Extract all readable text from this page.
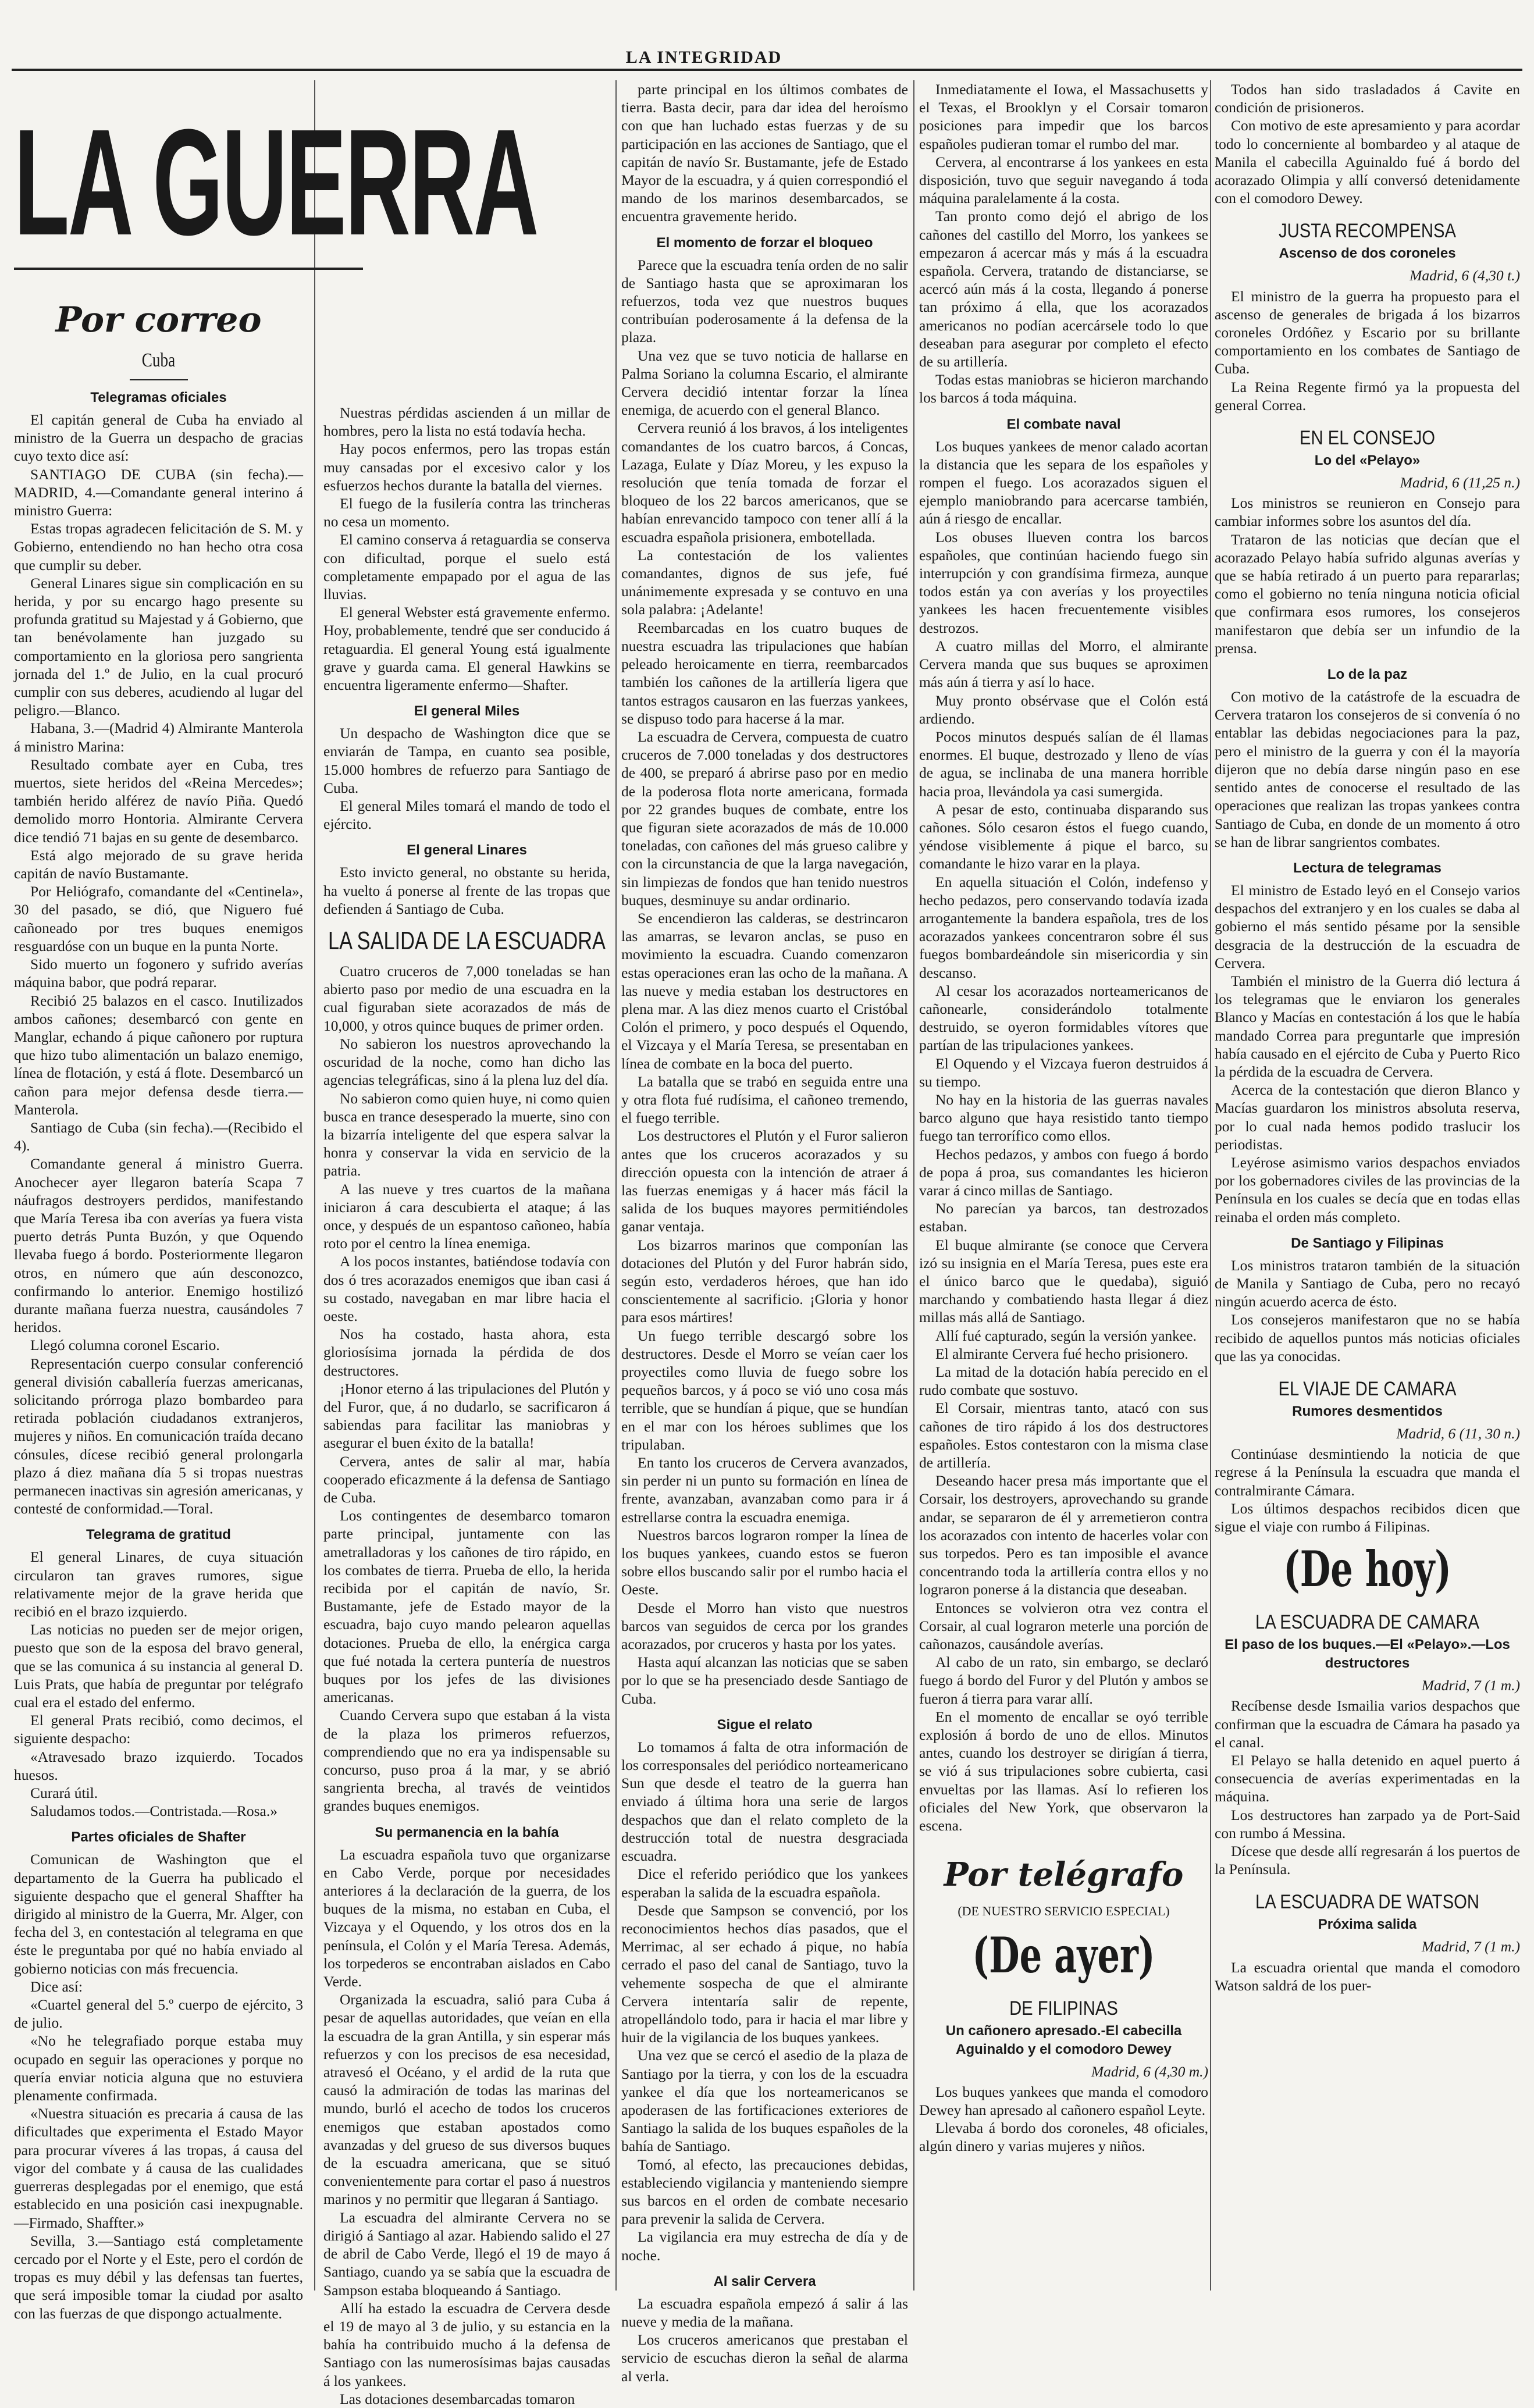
LA INTEGRIDAD
LA GUERRA
Por correo
Cuba
Telegramas oficiales

El capitán general de Cuba ha enviado al ministro de la Guerra un despacho de gracias cuyo texto dice así:

SANTIAGO DE CUBA (sin fecha).—MADRID, 4.—Comandante general interino á ministro Guerra:

Estas tropas agradecen felicitación de S. M. y Gobierno, entendiendo no han hecho otra cosa que cumplir su deber.

General Linares sigue sin complicación en su herida, y por su encargo hago presente su profunda gratitud su Majestad y á Gobierno, que tan benévolamente han juzgado su comportamiento en la gloriosa pero sangrienta jornada del 1.º de Julio, en la cual procuró cumplir con sus deberes, acudiendo al lugar del peligro.—Blanco.

Habana, 3.—(Madrid 4) Almirante Manterola á ministro Marina:

Resultado combate ayer en Cuba, tres muertos, siete heridos del «Reina Mercedes»; también herido alférez de navío Piña. Quedó demolido morro Hontoria. Almirante Cervera dice tendió 71 bajas en su gente de desembarco.

Está algo mejorado de su grave herida capitán de navío Bustamante.

Por Heliógrafo, comandante del «Centinela», 30 del pasado, se dió, que Niguero fué cañoneado por tres buques enemigos resguardóse con un buque en la punta Norte.

Sido muerto un fogonero y sufrido averías máquina babor, que podrá reparar.

Recibió 25 balazos en el casco. Inutilizados ambos cañones; desembarcó con gente en Manglar, echando á pique cañonero por ruptura que hizo tubo alimentación un balazo enemigo, línea de flotación, y está á flote. Desembarcó un cañon para mejor defensa desde tierra.—Manterola.

Santiago de Cuba (sin fecha).—(Recibido el 4).

Comandante general á ministro Guerra. Anochecer ayer llegaron batería Scapa 7 náufragos destroyers perdidos, manifestando que María Teresa iba con averías ya fuera vista puerto detrás Punta Buzón, y que Oquendo llevaba fuego á bordo. Posteriormente llegaron otros, en número que aún desconozco, confirmando lo anterior. Enemigo hostilizó durante mañana fuerza nuestra, causándoles 7 heridos.

Llegó columna coronel Escario.

Representación cuerpo consular conferenció general división caballería fuerzas americanas, solicitando prórroga plazo bombardeo para retirada población ciudadanos extranjeros, mujeres y niños. En comunicación traída decano cónsules, dícese recibió general prolongarla plazo á diez mañana día 5 si tropas nuestras permanecen inactivas sin agresión americanas, y contesté de conformidad.—Toral.

Telegrama de gratitud

El general Linares, de cuya situación circularon tan graves rumores, sigue relativamente mejor de la grave herida que recibió en el brazo izquierdo.

Las noticias no pueden ser de mejor origen, puesto que son de la esposa del bravo general, que se las comunica á su instancia al general D. Luis Prats, que había de preguntar por telégrafo cual era el estado del enfermo.

El general Prats recibió, como decimos, el siguiente despacho:

«Atravesado brazo izquierdo. Tocados huesos.

Curará útil.

Saludamos todos.—Contristada.—Rosa.»

Partes oficiales de Shafter

Comunican de Washington que el departamento de la Guerra ha publicado el siguiente despacho que el general Shaffter ha dirigido al ministro de la Guerra, Mr. Alger, con fecha del 3, en contestación al telegrama en que éste le preguntaba por qué no había enviado al gobierno noticias con más frecuencia.

Dice así:

«Cuartel general del 5.º cuerpo de ejército, 3 de julio.

«No he telegrafiado porque estaba muy ocupado en seguir las operaciones y porque no quería enviar noticia alguna que no estuviera plenamente confirmada.

«Nuestra situación es precaria á causa de las dificultades que experimenta el Estado Mayor para procurar víveres á las tropas, á causa del vigor del combate y á causa de las cualidades guerreras desplegadas por el enemigo, que está establecido en una posición casi inexpugnable.—Firmado, Shaffter.»

Sevilla, 3.—Santiago está completamente cercado por el Norte y el Este, pero el cordón de tropas es muy débil y las defensas tan fuertes, que será imposible tomar la ciudad por asalto con las fuerzas de que dispongo actualmente.

Nuestras pérdidas ascienden á un millar de hombres, pero la lista no está todavía hecha.

Hay pocos enfermos, pero las tropas están muy cansadas por el excesivo calor y los esfuerzos hechos durante la batalla del viernes.

El fuego de la fusilería contra las trincheras no cesa un momento.

El camino conserva á retaguardia se conserva con dificultad, porque el suelo está completamente empapado por el agua de las lluvias.

El general Webster está gravemente enfermo. Hoy, probablemente, tendré que ser conducido á retaguardia. El general Young está igualmente grave y guarda cama. El general Hawkins se encuentra ligeramente enfermo—Shafter.

El general Miles

Un despacho de Washington dice que se enviarán de Tampa, en cuanto sea posible, 15.000 hombres de refuerzo para Santiago de Cuba.

El general Miles tomará el mando de todo el ejército.

El general Linares

Esto invicto general, no obstante su herida, ha vuelto á ponerse al frente de las tropas que defienden á Santiago de Cuba.

LA SALIDA DE LA ESCUADRA

Cuatro cruceros de 7,000 toneladas se han abierto paso por medio de una escuadra en la cual figuraban siete acorazados de más de 10,000, y otros quince buques de primer orden.

No sabieron los nuestros aprovechando la oscuridad de la noche, como han dicho las agencias telegráficas, sino á la plena luz del día.

No sabieron como quien huye, ni como quien busca en trance desesperado la muerte, sino con la bizarría inteligente del que espera salvar la honra y conservar la vida en servicio de la patria.

A las nueve y tres cuartos de la mañana iniciaron á cara descubierta el ataque; á las once, y después de un espantoso cañoneo, había roto por el centro la línea enemiga.

A los pocos instantes, batiéndose todavía con dos ó tres acorazados enemigos que iban casi á su costado, navegaban en mar libre hacia el oeste.

Nos ha costado, hasta ahora, esta gloriosísima jornada la pérdida de dos destructores.

¡Honor eterno á las tripulaciones del Plutón y del Furor, que, á no dudarlo, se sacrificaron á sabiendas para facilitar las maniobras y asegurar el buen éxito de la batalla!

Cervera, antes de salir al mar, había cooperado eficazmente á la defensa de Santiago de Cuba.

Los contingentes de desembarco tomaron parte principal, juntamente con las ametralladoras y los cañones de tiro rápido, en los combates de tierra. Prueba de ello, la herida recibida por el capitán de navío, Sr. Bustamante, jefe de Estado mayor de la escuadra, bajo cuyo mando pelearon aquellas dotaciones. Prueba de ello, la enérgica carga que fué notada la certera puntería de nuestros buques por los jefes de las divisiones americanas.

Cuando Cervera supo que estaban á la vista de la plaza los primeros refuerzos, comprendiendo que no era ya indispensable su concurso, puso proa á la mar, y se abrió sangrienta brecha, al través de veintidos grandes buques enemigos.

Su permanencia en la bahía

La escuadra española tuvo que organizarse en Cabo Verde, porque por necesidades anteriores á la declaración de la guerra, de los buques de la misma, no estaban en Cuba, el Vizcaya y el Oquendo, y los otros dos en la península, el Colón y el María Teresa. Además, los torpederos se encontraban aislados en Cabo Verde.

Organizada la escuadra, salió para Cuba á pesar de aquellas autoridades, que veían en ella la escuadra de la gran Antilla, y sin esperar más refuerzos y con los precisos de esa necesidad, atravesó el Océano, y el ardid de la ruta que causó la admiración de todas las marinas del mundo, burló el acecho de todos los cruceros enemigos que estaban apostados como avanzadas y del grueso de sus diversos buques de la escuadra americana, que se situó convenientemente para cortar el paso á nuestros marinos y no permitir que llegaran á Santiago.

La escuadra del almirante Cervera no se dirigió á Santiago al azar. Habiendo salido el 27 de abril de Cabo Verde, llegó el 19 de mayo á Santiago, cuando ya se sabía que la escuadra de Sampson estaba bloqueando á Santiago.

Allí ha estado la escuadra de Cervera desde el 19 de mayo al 3 de julio, y su estancia en la bahía ha contribuido mucho á la defensa de Santiago con las numerosísimas bajas causadas á los yankees.

Las dotaciones desembarcadas tomaron

parte principal en los últimos combates de tierra. Basta decir, para dar idea del heroísmo con que han luchado estas fuerzas y de su participación en las acciones de Santiago, que el capitán de navío Sr. Bustamante, jefe de Estado Mayor de la escuadra, y á quien correspondió el mando de los marinos desembarcados, se encuentra gravemente herido.

El momento de forzar el bloqueo

Parece que la escuadra tenía orden de no salir de Santiago hasta que se aproximaran los refuerzos, toda vez que nuestros buques contribuían poderosamente á la defensa de la plaza.

Una vez que se tuvo noticia de hallarse en Palma Soriano la columna Escario, el almirante Cervera decidió intentar forzar la línea enemiga, de acuerdo con el general Blanco.

Cervera reunió á los bravos, á los inteligentes comandantes de los cuatro barcos, á Concas, Lazaga, Eulate y Díaz Moreu, y les expuso la resolución que tenía tomada de forzar el bloqueo de los 22 barcos americanos, que se habían enrevancido tampoco con tener allí á la escuadra española prisionera, embotellada.

La contestación de los valientes comandantes, dignos de sus jefe, fué unánimemente expresada y se contuvo en una sola palabra: ¡Adelante!

Reembarcadas en los cuatro buques de nuestra escuadra las tripulaciones que habían peleado heroicamente en tierra, reembarcados también los cañones de la artillería ligera que tantos estragos causaron en las fuerzas yankees, se dispuso todo para hacerse á la mar.

La escuadra de Cervera, compuesta de cuatro cruceros de 7.000 toneladas y dos destructores de 400, se preparó á abrirse paso por en medio de la poderosa flota norte americana, formada por 22 grandes buques de combate, entre los que figuran siete acorazados de más de 10.000 toneladas, con cañones del más grueso calibre y con la circunstancia de que la larga navegación, sin limpiezas de fondos que han tenido nuestros buques, desminuye su andar ordinario.

Se encendieron las calderas, se destrincaron las amarras, se levaron anclas, se puso en movimiento la escuadra. Cuando comenzaron estas operaciones eran las ocho de la mañana. A las nueve y media estaban los destructores en plena mar. A las diez menos cuarto el Cristóbal Colón el primero, y poco después el Oquendo, el Vizcaya y el María Teresa, se presentaban en línea de combate en la boca del puerto.

La batalla que se trabó en seguida entre una y otra flota fué rudísima, el cañoneo tremendo, el fuego terrible.

Los destructores el Plutón y el Furor salieron antes que los cruceros acorazados y su dirección opuesta con la intención de atraer á las fuerzas enemigas y á hacer más fácil la salida de los buques mayores permitiéndoles ganar ventaja.

Los bizarros marinos que componían las dotaciones del Plutón y del Furor habrán sido, según esto, verdaderos héroes, que han ido conscientemente al sacrificio. ¡Gloria y honor para esos mártires!

Un fuego terrible descargó sobre los destructores. Desde el Morro se veían caer los proyectiles como lluvia de fuego sobre los pequeños barcos, y á poco se vió uno cosa más terrible, que se hundían á pique, que se hundían en el mar con los héroes sublimes que los tripulaban.

En tanto los cruceros de Cervera avanzados, sin perder ni un punto su formación en línea de frente, avanzaban, avanzaban como para ir á estrellarse contra la escuadra enemiga.

Nuestros barcos lograron romper la línea de los buques yankees, cuando estos se fueron sobre ellos buscando salir por el rumbo hacia el Oeste.

Desde el Morro han visto que nuestros barcos van seguidos de cerca por los grandes acorazados, por cruceros y hasta por los yates.

Hasta aquí alcanzan las noticias que se saben por lo que se ha presenciado desde Santiago de Cuba.

Sigue el relato

Lo tomamos á falta de otra información de los corresponsales del periódico norteamericano Sun que desde el teatro de la guerra han enviado á última hora una serie de largos despachos que dan el relato completo de la destrucción total de nuestra desgraciada escuadra.

Dice el referido periódico que los yankees esperaban la salida de la escuadra española.

Desde que Sampson se convenció, por los reconocimientos hechos días pasados, que el Merrimac, al ser echado á pique, no había cerrado el paso del canal de Santiago, tuvo la vehemente sospecha de que el almirante Cervera intentaría salir de repente, atropellándolo todo, para ir hacia el mar libre y huir de la vigilancia de los buques yankees.

Una vez que se cercó el asedio de la plaza de Santiago por la tierra, y con los de la escuadra yankee el día que los norteamericanos se apoderasen de las fortificaciones exteriores de Santiago la salida de los buques españoles de la bahía de Santiago.

Tomó, al efecto, las precauciones debidas, estableciendo vigilancia y manteniendo siempre sus barcos en el orden de combate necesario para prevenir la salida de Cervera.

La vigilancia era muy estrecha de día y de noche.

Al salir Cervera

La escuadra española empezó á salir á las nueve y media de la mañana.

Los cruceros americanos que prestaban el servicio de escuchas dieron la señal de alarma al verla.

Inmediatamente el Iowa, el Massachusetts y el Texas, el Brooklyn y el Corsair tomaron posiciones para impedir que los barcos españoles pudieran tomar el rumbo del mar.

Cervera, al encontrarse á los yankees en esta disposición, tuvo que seguir navegando á toda máquina paralelamente á la costa.

Tan pronto como dejó el abrigo de los cañones del castillo del Morro, los yankees se empezaron á acercar más y más á la escuadra española. Cervera, tratando de distanciarse, se acercó aún más á la costa, llegando á ponerse tan próximo á ella, que los acorazados americanos no podían acercársele todo lo que deseaban para asegurar por completo el efecto de su artillería.

Todas estas maniobras se hicieron marchando los barcos á toda máquina.

El combate naval

Los buques yankees de menor calado acortan la distancia que les separa de los españoles y rompen el fuego. Los acorazados siguen el ejemplo maniobrando para acercarse también, aún á riesgo de encallar.

Los obuses llueven contra los barcos españoles, que continúan haciendo fuego sin interrupción y con grandísima firmeza, aunque todos están ya con averías y los proyectiles yankees les hacen frecuentemente visibles destrozos.

A cuatro millas del Morro, el almirante Cervera manda que sus buques se aproximen más aún á tierra y así lo hace.

Muy pronto obsérvase que el Colón está ardiendo.

Pocos minutos después salían de él llamas enormes. El buque, destrozado y lleno de vías de agua, se inclinaba de una manera horrible hacia proa, llevándola ya casi sumergida.

A pesar de esto, continuaba disparando sus cañones. Sólo cesaron éstos el fuego cuando, yéndose visiblemente á pique el barco, su comandante le hizo varar en la playa.

En aquella situación el Colón, indefenso y hecho pedazos, pero conservando todavía izada arrogantemente la bandera española, tres de los acorazados yankees concentraron sobre él sus fuegos bombardeándole sin misericordia y sin descanso.

Al cesar los acorazados norteamericanos de cañonearle, considerándolo totalmente destruido, se oyeron formidables vítores que partían de las tripulaciones yankees.

El Oquendo y el Vizcaya fueron destruidos á su tiempo.

No hay en la historia de las guerras navales barco alguno que haya resistido tanto tiempo fuego tan terrorífico como ellos.

Hechos pedazos, y ambos con fuego á bordo de popa á proa, sus comandantes les hicieron varar á cinco millas de Santiago.

No parecían ya barcos, tan destrozados estaban.

El buque almirante (se conoce que Cervera izó su insignia en el María Teresa, pues este era el único barco que le quedaba), siguió marchando y combatiendo hasta llegar á diez millas más allá de Santiago.

Allí fué capturado, según la versión yankee.

El almirante Cervera fué hecho prisionero.

La mitad de la dotación había perecido en el rudo combate que sostuvo.

El Corsair, mientras tanto, atacó con sus cañones de tiro rápido á los dos destructores españoles. Estos contestaron con la misma clase de artillería.

Deseando hacer presa más importante que el Corsair, los destroyers, aprovechando su grande andar, se separaron de él y arremetieron contra los acorazados con intento de hacerles volar con sus torpedos. Pero es tan imposible el avance concentrando toda la artillería contra ellos y no lograron ponerse á la distancia que deseaban.

Entonces se volvieron otra vez contra el Corsair, al cual lograron meterle una porción de cañonazos, causándole averías.

Al cabo de un rato, sin embargo, se declaró fuego á bordo del Furor y del Plutón y ambos se fueron á tierra para varar allí.

En el momento de encallar se oyó terrible explosión á bordo de uno de ellos. Minutos antes, cuando los destroyer se dirigían á tierra, se vió á sus tripulaciones sobre cubierta, casi envueltas por las llamas. Así lo refieren los oficiales del New York, que observaron la escena.

Por telégrafo
(DE NUESTRO SERVICIO ESPECIAL)
(De ayer)
DE FILIPINAS
Un cañonero apresado.-El cabecilla Aguinaldo y el comodoro Dewey
Madrid, 6 (4,30 m.)

Los buques yankees que manda el comodoro Dewey han apresado al cañonero español Leyte.

Llevaba á bordo dos coroneles, 48 oficiales, algún dinero y varias mujeres y niños.

Todos han sido trasladados á Cavite en condición de prisioneros.

Con motivo de este apresamiento y para acordar todo lo concerniente al bombardeo y al ataque de Manila el cabecilla Aguinaldo fué á bordo del acorazado Olimpia y allí conversó detenidamente con el comodoro Dewey.

JUSTA RECOMPENSA
Ascenso de dos coroneles
Madrid, 6 (4,30 t.)

El ministro de la guerra ha propuesto para el ascenso de generales de brigada á los bizarros coroneles Ordóñez y Escario por su brillante comportamiento en los combates de Santiago de Cuba.

La Reina Regente firmó ya la propuesta del general Correa.

EN EL CONSEJO
Lo del «Pelayo»
Madrid, 6 (11,25 n.)

Los ministros se reunieron en Consejo para cambiar informes sobre los asuntos del día.

Trataron de las noticias que decían que el acorazado Pelayo había sufrido algunas averías y que se había retirado á un puerto para repararlas; como el gobierno no tenía ninguna noticia oficial que confirmara esos rumores, los consejeros manifestaron que debía ser un infundio de la prensa.

Lo de la paz

Con motivo de la catástrofe de la escuadra de Cervera trataron los consejeros de si convenía ó no entablar las debidas negociaciones para la paz, pero el ministro de la guerra y con él la mayoría dijeron que no debía darse ningún paso en ese sentido antes de conocerse el resultado de las operaciones que realizan las tropas yankees contra Santiago de Cuba, en donde de un momento á otro se han de librar sangrientos combates.

Lectura de telegramas

El ministro de Estado leyó en el Consejo varios despachos del extranjero y en los cuales se daba al gobierno el más sentido pésame por la sensible desgracia de la destrucción de la escuadra de Cervera.

También el ministro de la Guerra dió lectura á los telegramas que le enviaron los generales Blanco y Macías en contestación á los que le había mandado Correa para preguntarle que impresión había causado en el ejército de Cuba y Puerto Rico la pérdida de la escuadra de Cervera.

Acerca de la contestación que dieron Blanco y Macías guardaron los ministros absoluta reserva, por lo cual nada hemos podido traslucir los periodistas.

Leyérose asimismo varios despachos enviados por los gobernadores civiles de las provincias de la Península en los cuales se decía que en todas ellas reinaba el orden más completo.

De Santiago y Filipinas

Los ministros trataron también de la situación de Manila y Santiago de Cuba, pero no recayó ningún acuerdo acerca de ésto.

Los consejeros manifestaron que no se había recibido de aquellos puntos más noticias oficiales que las ya conocidas.

EL VIAJE DE CAMARA
Rumores desmentidos
Madrid, 6 (11, 30 n.)

Continúase desmintiendo la noticia de que regrese á la Península la escuadra que manda el contralmirante Cámara.

Los últimos despachos recibidos dicen que sigue el viaje con rumbo á Filipinas.

(De hoy)
LA ESCUADRA DE CAMARA
El paso de los buques.—El «Pelayo».—Los destructores
Madrid, 7 (1 m.)

Recíbense desde Ismailia varios despachos que confirman que la escuadra de Cámara ha pasado ya el canal.

El Pelayo se halla detenido en aquel puerto á consecuencia de averías experimentadas en la máquina.

Los destructores han zarpado ya de Port-Said con rumbo á Messina.

Dícese que desde allí regresarán á los puertos de la Península.

LA ESCUADRA DE WATSON
Próxima salida
Madrid, 7 (1 m.)

La escuadra oriental que manda el comodoro Watson saldrá de los puer-
